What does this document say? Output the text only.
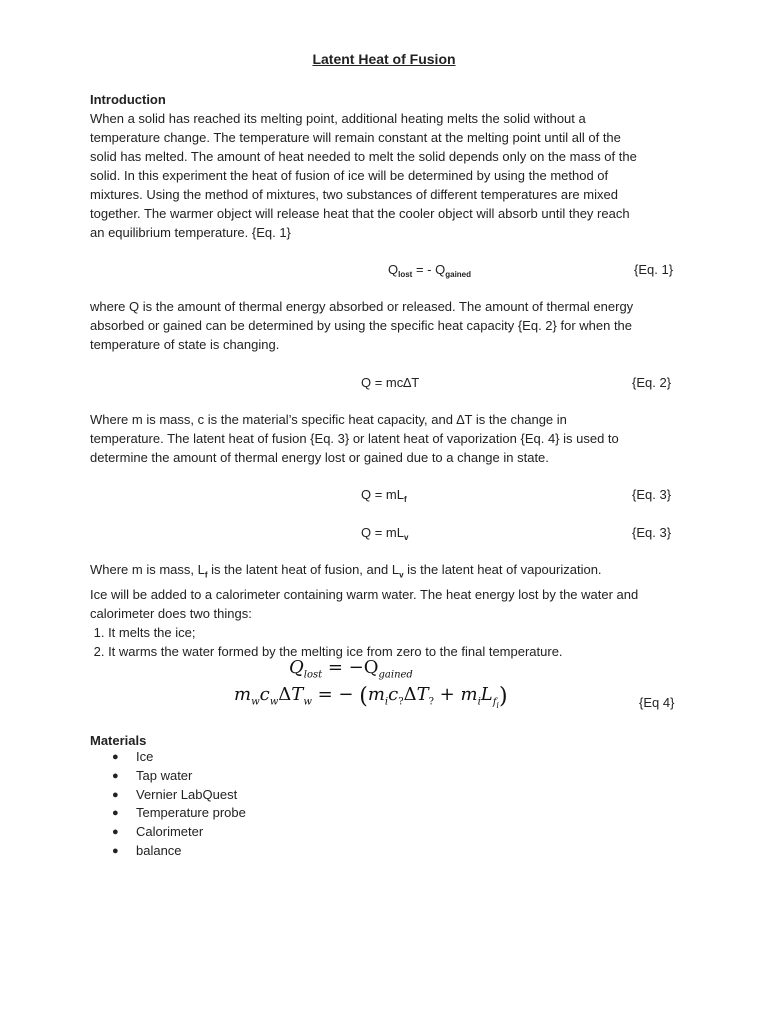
Latent Heat of Fusion
Introduction
When a solid has reached its melting point, additional heating melts the solid without a
temperature change. The temperature will remain constant at the melting point until all of the
solid has melted. The amount of heat needed to melt the solid depends only on the mass of the
solid. In this experiment the heat of fusion of ice will be determined by using the method of
mixtures. Using the method of mixtures, two substances of different temperatures are mixed
together. The warmer object will release heat that the cooler object will absorb until they reach
an equilibrium temperature. {Eq. 1}
$Q_{lost}$ = - $Q_{gained}$	{Eq. 1}
where Q is the amount of thermal energy absorbed or released. The amount of thermal energy
absorbed or gained can be determined by using the specific heat capacity {Eq. 2} for when the
temperature of state is changing.
Q = mc∆T	{Eq. 2}
Where m is mass, c is the material’s specific heat capacity, and ∆T is the change in
temperature. The latent heat of fusion {Eq. 3} or latent heat of vaporization {Eq. 4} is used to
determine the amount of thermal energy lost or gained due to a change in state.
$Q = mL_f$	{Eq. 3}
$Q = mL_v$	{Eq. 3}
Where m is mass, $L_f$ is the latent heat of fusion, and $L_v$ is the latent heat of vapourization.
Ice will be added to a calorimeter containing warm water. The heat energy lost by the water and
calorimeter does two things:
1. It melts the ice;
2. It warms the water formed by the melting ice from zero to the final temperature.
$Q_{lost} = -Q_{gained}$
$m_wc_w\Delta T_w$ = − $(m_ic_?\Delta T_? + m_iL_{f_i})$	{Eq 4}
Materials
● Ice
● Tap water
● Vernier LabQuest
● Temperature probe
● Calorimeter
● balance
